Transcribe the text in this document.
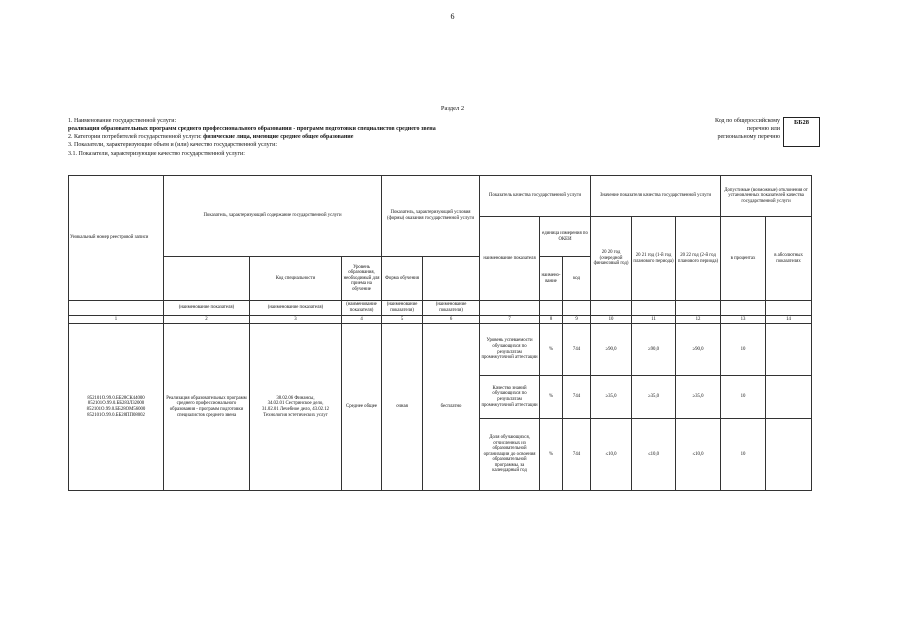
6
Раздел 2
1. Наименование государственной услуги:
реализация образовательных программ среднего профессионального образования - программ подготовки специалистов среднего звена
2. Категории потребителей государственной услуги: физические лица, имеющие среднее общее образование
3. Показатели, характеризующие объем и (или) качество государственной услуги:
3.1. Показатели, характеризующие качество государственной услуги:
Код по общероссийскому
перечню или
региональному перечню
ББ28
Уникальный номер реестровой записи	Показатель, характеризующий содержание государственной услуги			Показатель, характеризующий условия (формы) оказания государственной услуги		Показатель качества государственной услуги			Значение показателя качества государственной услуги			Допустимые (возможные) отклонения от установленных показателей качества государственной услуги	
						наименование показателя	единица измерения по ОКЕИ		20 20 год (очередной финансовый год)	20 21 год (1-й год планового периода)	20 22 год (2-й год планового периода)	в процентах	в абсолютных показателях
		Код специальности	Уровень образования, необходимый для приема на обучение	Форма обучения			наимено-вание	код					
	(наименование показателя)	(наименование показателя)	(наименование показателя)	(наименование показателя)	(наименование показателя)								
1	2	3	4	5	6	7	8	9	10	11	12	13	14
852101О.99.0.ББ28СК44000
852101О.99.0.ББ28ЗЛ32000
852101О.99.0.ББ28ОМ56000
852101О.99.0.ББ28ПП08002	Реализация образовательных программ среднего профессионального образования - программ подготовки специалистов среднего звена	38.02.06 Финансы,
34.02.01 Сестринское дело,
31.02.01 Лечебное дело, 43.02.12 Технология эстетических услуг	Среднее общее	очная	бесплатно	Уровень успеваемости обучающихся по результатам промежуточной аттестации	%	744	≥90,0	≥90,0	≥90,0	10	
						Качество знаний обучающихся по результатам промежуточной аттестации	%	744	≥35,0	≥35,0	≥35,0	10	
						Доля обучающихся, отчисленных из образовательной организации до освоения образовательной программы, за календарный год	%	744	≤10,0	≤10,0	≤10,0	10	
